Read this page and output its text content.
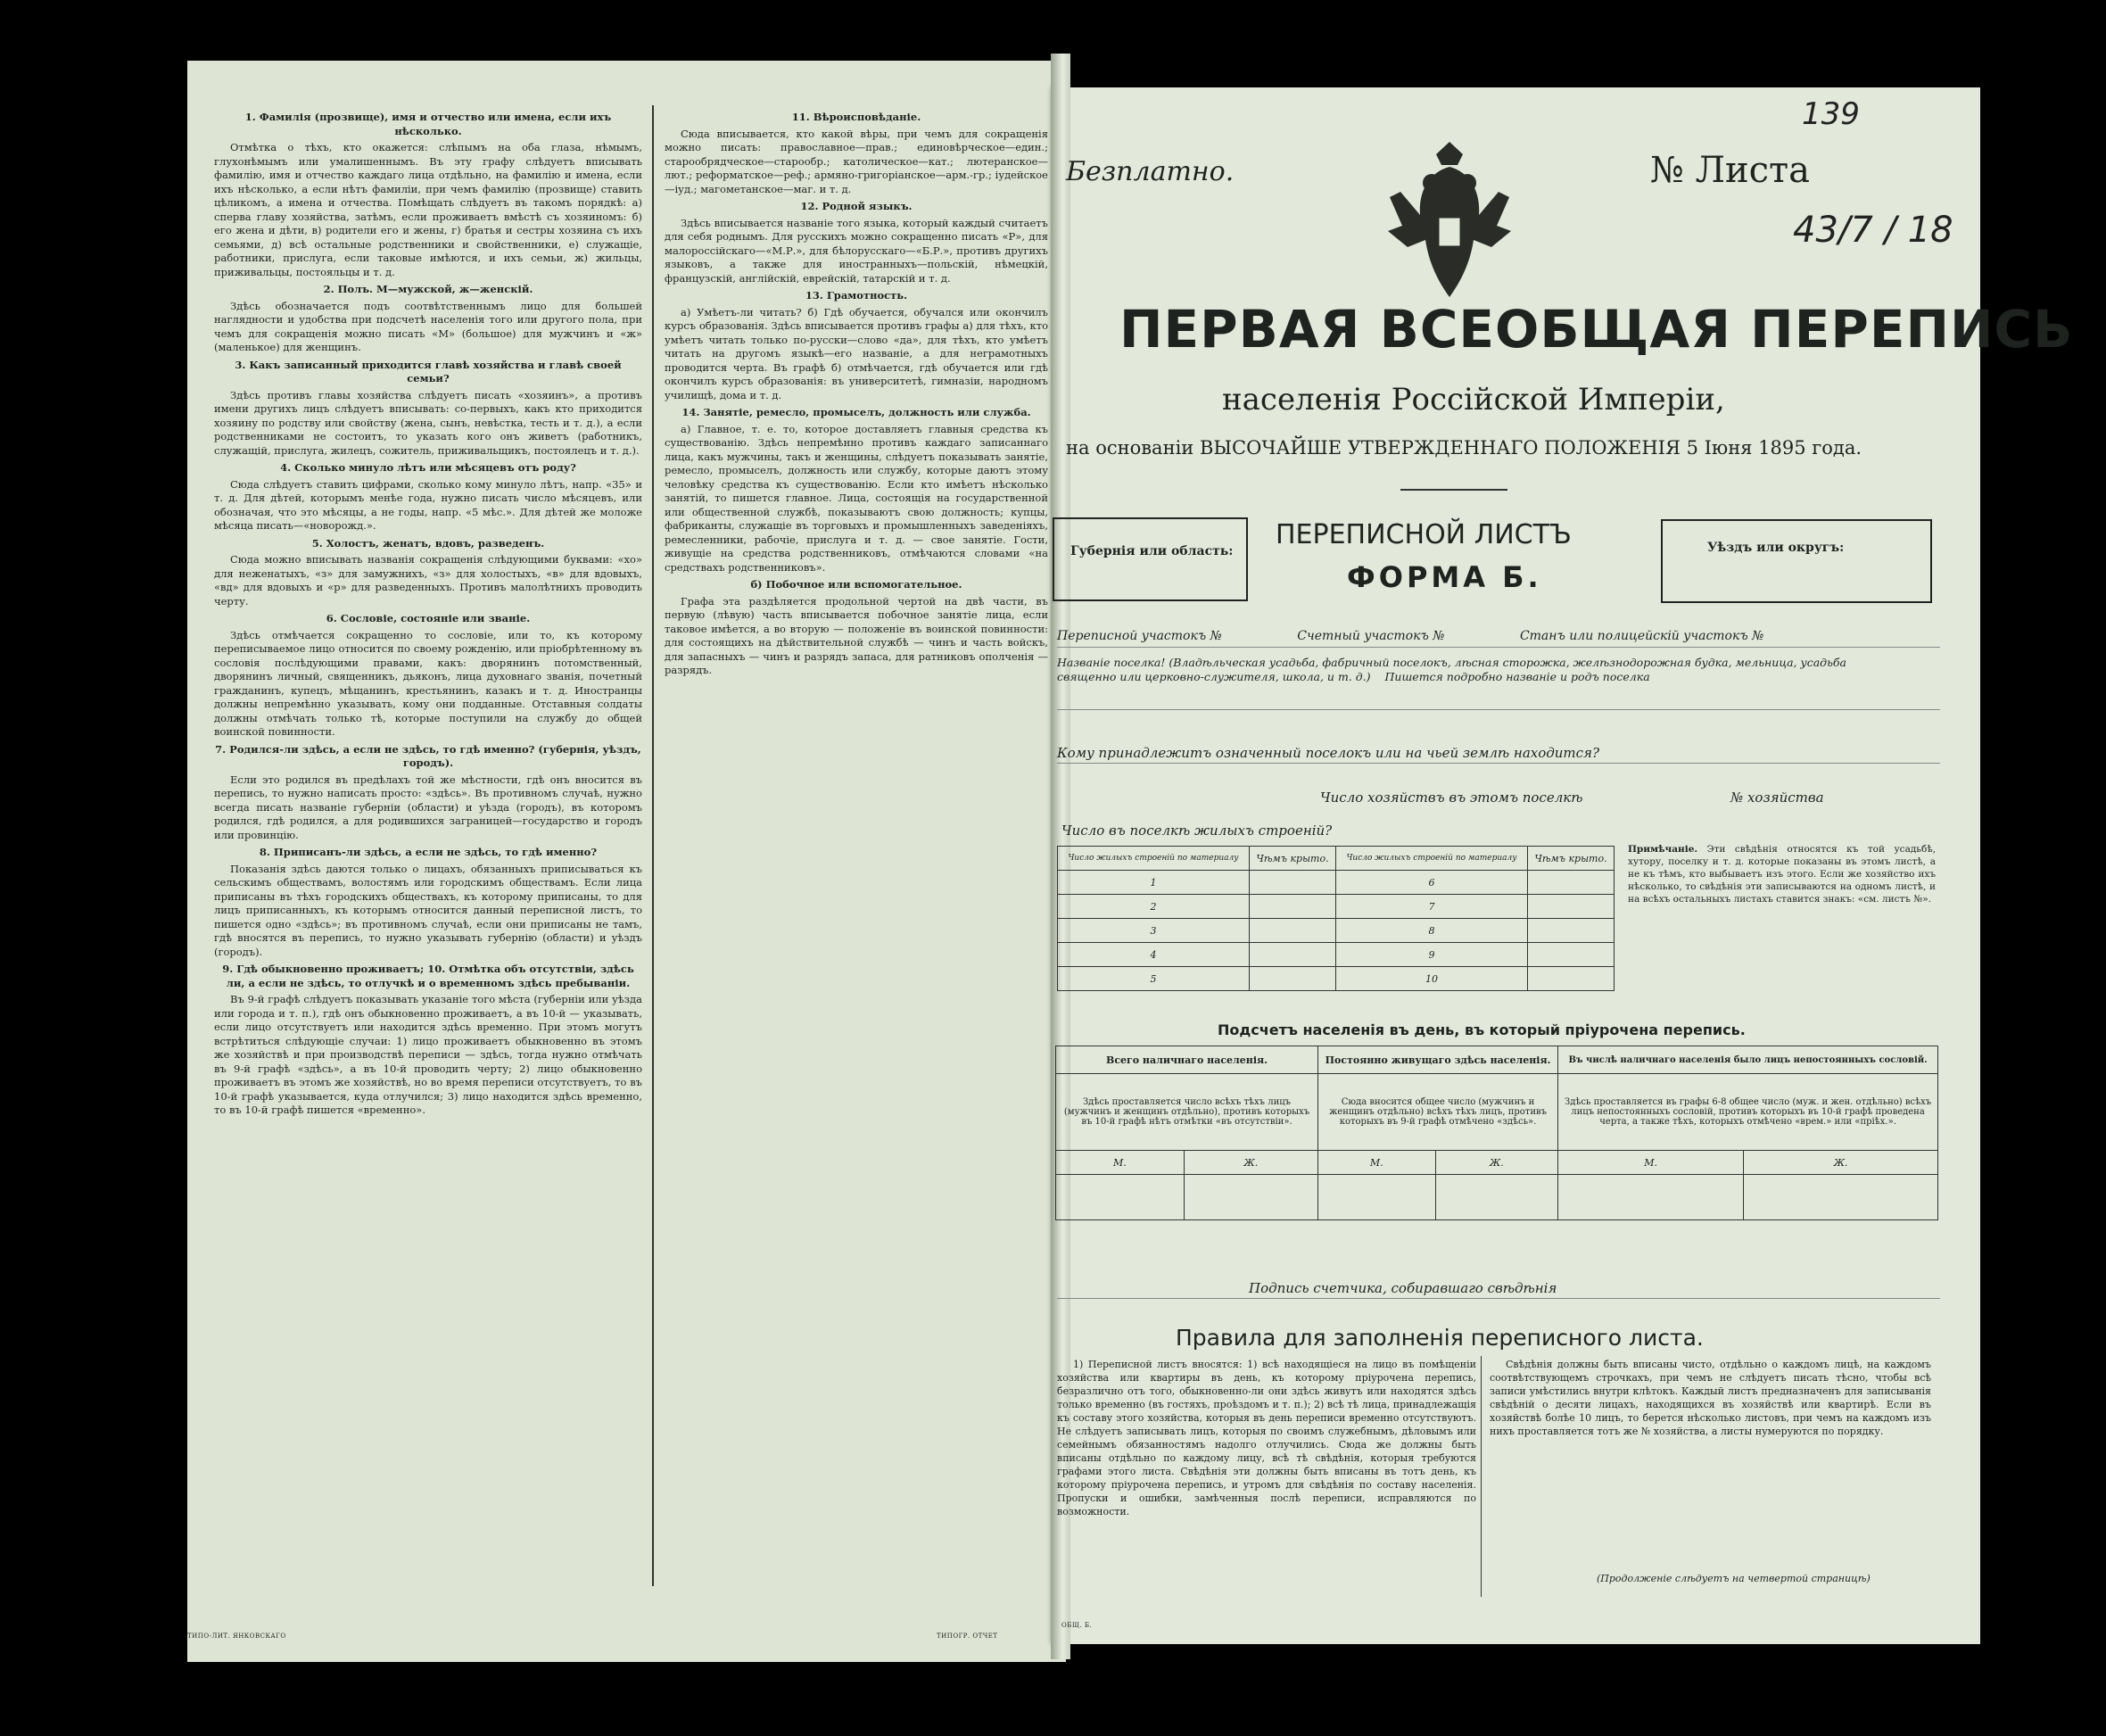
1. Фамилія (прозвище), имя и отчество или имена, если ихъ нѣсколько.

Отмѣтка о тѣхъ, кто окажется: слѣпымъ на оба глаза, нѣмымъ, глухонѣмымъ или умалишеннымъ. Въ эту графу слѣдуетъ вписывать фамилію, имя и отчество каждаго лица отдѣльно, на фамилію и имена, если ихъ нѣсколько, а если нѣтъ фамиліи, при чемъ фамилію (прозвище) ставить цѣликомъ, а имена и отчества. Помѣщать слѣдуетъ въ такомъ порядкѣ: а) сперва главу хозяйства, затѣмъ, если проживаетъ вмѣстѣ съ хозяиномъ: б) его жена и дѣти, в) родители его и жены, г) братья и сестры хозяина съ ихъ семьями, д) всѣ остальные родственники и свойственники, е) служащіе, работники, прислуга, если таковые имѣются, и ихъ семьи, ж) жильцы, приживальцы, постояльцы и т. д.

2. Полъ. М—мужской, ж—женскій.

Здѣсь обозначается подъ соотвѣтственнымъ лицо для большей наглядности и удобства при подсчетѣ населенія того или другого пола, при чемъ для сокращенія можно писать «М» (большое) для мужчинъ и «ж» (маленькое) для женщинъ.

3. Какъ записанный приходится главѣ хозяйства и главѣ своей семьи?

Здѣсь противъ главы хозяйства слѣдуетъ писать «хозяинъ», а противъ имени другихъ лицъ слѣдуетъ вписывать: со-первыхъ, какъ кто приходится хозяину по родству или свойству (жена, сынъ, невѣстка, тесть и т. д.), а если родственниками не состоитъ, то указать кого онъ живетъ (работникъ, служащій, прислуга, жилецъ, сожитель, приживальщикъ, постоялецъ и т. д.).

4. Сколько минуло лѣтъ или мѣсяцевъ отъ роду?

Сюда слѣдуетъ ставить цифрами, сколько кому минуло лѣтъ, напр. «35» и т. д. Для дѣтей, которымъ менѣе года, нужно писать число мѣсяцевъ, или обозначая, что это мѣсяцы, а не годы, напр. «5 мѣс.». Для дѣтей же моложе мѣсяца писать—«новорожд.».

5. Холостъ, женатъ, вдовъ, разведенъ.

Сюда можно вписывать названія сокращенія слѣдующими буквами: «хо» для неженатыхъ, «з» для замужнихъ, «з» для холостыхъ, «в» для вдовыхъ, «вд» для вдовыхъ и «р» для разведенныхъ. Противъ малолѣтнихъ проводить черту.

6. Сословіе, состояніе или званіе.

Здѣсь отмѣчается сокращенно то сословіе, или то, къ которому переписываемое лицо относится по своему рожденію, или пріобрѣтенному въ сословія послѣдующими правами, какъ: дворянинъ потомственный, дворянинъ личный, священникъ, дьяконъ, лица духовнаго званія, почетный гражданинъ, купецъ, мѣщанинъ, крестьянинъ, казакъ и т. д. Иностранцы должны непремѣнно указывать, кому они подданные. Отставныя солдаты должны отмѣчать только тѣ, которые поступили на службу до общей воинской повинности.

7. Родился-ли здѣсь, а если не здѣсь, то гдѣ именно? (губернія, уѣздъ, городъ).

Если это родился въ предѣлахъ той же мѣстности, гдѣ онъ вносится въ перепись, то нужно написать просто: «здѣсь». Въ противномъ случаѣ, нужно всегда писать названіе губерніи (области) и уѣзда (городъ), въ которомъ родился, гдѣ родился, а для родившихся заграницей—государство и городъ или провинцію.

8. Приписанъ-ли здѣсь, а если не здѣсь, то гдѣ именно?

Показанія здѣсь даются только о лицахъ, обязанныхъ приписываться къ сельскимъ обществамъ, волостямъ или городскимъ обществамъ. Если лица приписаны въ тѣхъ городскихъ обществахъ, къ которому приписаны, то для лицъ приписанныхъ, къ которымъ относится данный переписной листъ, то пишется одно «здѣсь»; въ противномъ случаѣ, если они приписаны не тамъ, гдѣ вносятся въ перепись, то нужно указывать губернію (области) и уѣздъ (городъ).

9. Гдѣ обыкновенно проживаетъ; 10. Отмѣтка объ отсутствіи, здѣсь ли, а если не здѣсь, то отлучкѣ и о временномъ здѣсь пребываніи.

Въ 9-й графѣ слѣдуетъ показывать указаніе того мѣста (губерніи или уѣзда или города и т. п.), гдѣ онъ обыкновенно проживаетъ, а въ 10-й — указывать, если лицо отсутствуетъ или находится здѣсь временно. При этомъ могутъ встрѣтиться слѣдующіе случаи: 1) лицо проживаетъ обыкновенно въ этомъ же хозяйствѣ и при производствѣ переписи — здѣсь, тогда нужно отмѣчать въ 9-й графѣ «здѣсь», а въ 10-й проводить черту; 2) лицо обыкновенно проживаетъ въ этомъ же хозяйствѣ, но во время переписи отсутствуетъ, то въ 10-й графѣ указывается, куда отлучился; 3) лицо находится здѣсь временно, то въ 10-й графѣ пишется «временно».

11. Вѣроисповѣданіе.

Сюда вписывается, кто какой вѣры, при чемъ для сокращенія можно писать: православное—прав.; единовѣрческое—един.; старообрядческое—старообр.; католическое—кат.; лютеранское—лют.; реформатское—реф.; армяно-григоріанское—арм.-гр.; іудейское—іуд.; магометанское—маг. и т. д.

12. Родной языкъ.

Здѣсь вписывается названіе того языка, который каждый считаетъ для себя роднымъ. Для русскихъ можно сокращенно писать «Р», для малороссійскаго—«М.Р.», для бѣлорусскаго—«Б.Р.», противъ другихъ языковъ, а также для иностранныхъ—польскій, нѣмецкій, французскій, англійскій, еврейскій, татарскій и т. д.

13. Грамотность.

а) Умѣетъ-ли читать? б) Гдѣ обучается, обучался или окончилъ курсъ образованія. Здѣсь вписывается противъ графы а) для тѣхъ, кто умѣетъ читать только по-русски—слово «да», для тѣхъ, кто умѣетъ читать на другомъ языкѣ—его названіе, а для неграмотныхъ проводится черта. Въ графѣ б) отмѣчается, гдѣ обучается или гдѣ окончилъ курсъ образованія: въ университетѣ, гимназіи, народномъ училищѣ, дома и т. д.

14. Занятіе, ремесло, промыселъ, должность или служба.

а) Главное, т. е. то, которое доставляетъ главныя средства къ существованію. Здѣсь непремѣнно противъ каждаго записаннаго лица, какъ мужчины, такъ и женщины, слѣдуетъ показывать занятіе, ремесло, промыселъ, должность или службу, которые даютъ этому человѣку средства къ существованію. Если кто имѣетъ нѣсколько занятій, то пишется главное. Лица, состоящія на государственной или общественной службѣ, показываютъ свою должность; купцы, фабриканты, служащіе въ торговыхъ и промышленныхъ заведеніяхъ, ремесленники, рабочіе, прислуга и т. д. — свое занятіе. Гости, живущіе на средства родственниковъ, отмѣчаются словами «на средствахъ родственниковъ».

б) Побочное или вспомогательное.

Графа эта раздѣляется продольной чертой на двѣ части, въ первую (лѣвую) часть вписывается побочное занятіе лица, если таковое имѣется, а во вторую — положеніе въ воинской повинности: для состоящихъ на дѣйствительной службѣ — чинъ и часть войскъ, для запасныхъ — чинъ и разрядъ запаса, для ратниковъ ополченія — разрядъ.

ТИПО-ЛИТ. ЯНКОВСКАГО	ТИПОГР. ОТЧЕТ
139
Безплатно.	№ Листа
43/7 / 18
ПЕРВАЯ ВСЕОБЩАЯ ПЕРЕПИСЬ
населенія Россійской Имперіи,
на основаніи ВЫСОЧАЙШЕ УТВЕРЖДЕННАГО ПОЛОЖЕНІЯ 5 Іюня 1895 года.
Губернія или область:
ПЕРЕПИСНОЙ ЛИСТЪ
ФОРМА Б.
Уѣздъ или округъ:
Переписной участокъ №	Счетный участокъ №	Станъ или полицейскій участокъ №
Названіе поселка! (Владѣльческая усадьба, фабричный поселокъ, лѣсная сторожка, желѣзнодорожная будка, мельница, усадьба священно или церковно-служителя, школа, и т. д.) Пишется подробно названіе и родъ поселка
Кому принадлежитъ означенный поселокъ или на чьей землѣ находится?
Число хозяйствъ въ этомъ поселкѣ	№ хозяйства
Число въ поселкѣ жилыхъ строеній?
Число жилыхъ строеній по материалу	Чѣмъ крыто.	Число жилыхъ строеній по материалу	Чѣмъ крыто.
1		6	
2		7	
3		8	
4		9	
5		10	
Примѣчаніе. Эти свѣдѣнія относятся къ той усадьбѣ, хутору, поселку и т. д. которые показаны въ этомъ листѣ, а не къ тѣмъ, кто выбываетъ изъ этого. Если же хозяйство ихъ нѣсколько, то свѣдѣнія эти записываются на одномъ листѣ, и на всѣхъ остальныхъ листахъ ставится знакъ: «см. листъ №».
Подсчетъ населенія въ день, въ который пріурочена перепись.
Всего наличнаго населенія.		Постоянно живущаго здѣсь населенія.		Въ числѣ наличнаго населенія было лицъ непостоянныхъ сословій.	
Здѣсь проставляется число всѣхъ тѣхъ лицъ (мужчинъ и женщинъ отдѣльно), противъ которыхъ въ 10-й графѣ нѣтъ отмѣтки «въ отсутствіи».		Сюда вносится общее число (мужчинъ и женщинъ отдѣльно) всѣхъ тѣхъ лицъ, противъ которыхъ въ 9-й графѣ отмѣчено «здѣсь».		Здѣсь проставляется въ графы 6-8 общее число (муж. и жен. отдѣльно) всѣхъ лицъ непостоянныхъ сословій, противъ которыхъ въ 10-й графѣ проведена черта, а также тѣхъ, которыхъ отмѣчено «врем.» или «пріѣх.».	
М.	Ж.	М.	Ж.	М.	Ж.

Подпись счетчика, собиравшаго свѣдѣнія
Правила для заполненія переписного листа.

1) Переписной листъ вносятся: 1) всѣ находящіеся на лицо въ помѣщеніи хозяйства или квартиры въ день, къ которому пріурочена перепись, безразлично отъ того, обыкновенно-ли они здѣсь живутъ или находятся здѣсь только временно (въ гостяхъ, проѣздомъ и т. п.); 2) всѣ тѣ лица, принадлежащія къ составу этого хозяйства, которыя въ день переписи временно отсутствуютъ. Не слѣдуетъ записывать лицъ, которыя по своимъ служебнымъ, дѣловымъ или семейнымъ обязанностямъ надолго отлучились. Сюда же должны быть вписаны отдѣльно по каждому лицу, всѣ тѣ свѣдѣнія, которыя требуются графами этого листа. Свѣдѣнія эти должны быть вписаны въ тотъ день, къ которому пріурочена перепись, и утромъ для свѣдѣнія по составу населенія. Пропуски и ошибки, замѣченныя послѣ переписи, исправляются по возможности.

Свѣдѣнія должны быть вписаны чисто, отдѣльно о каждомъ лицѣ, на каждомъ соотвѣтствующемъ строчкахъ, при чемъ не слѣдуетъ писать тѣсно, чтобы всѣ записи умѣстились внутри клѣтокъ. Каждый листъ предназначенъ для записыванія свѣдѣній о десяти лицахъ, находящихся въ хозяйствѣ или квартирѣ. Если въ хозяйствѣ болѣе 10 лицъ, то берется нѣсколько листовъ, при чемъ на каждомъ изъ нихъ проставляется тотъ же № хозяйства, а листы нумеруются по порядку.

(Продолженіе слѣдуетъ на четвертой страницѣ)
ОБЩ. Б.
